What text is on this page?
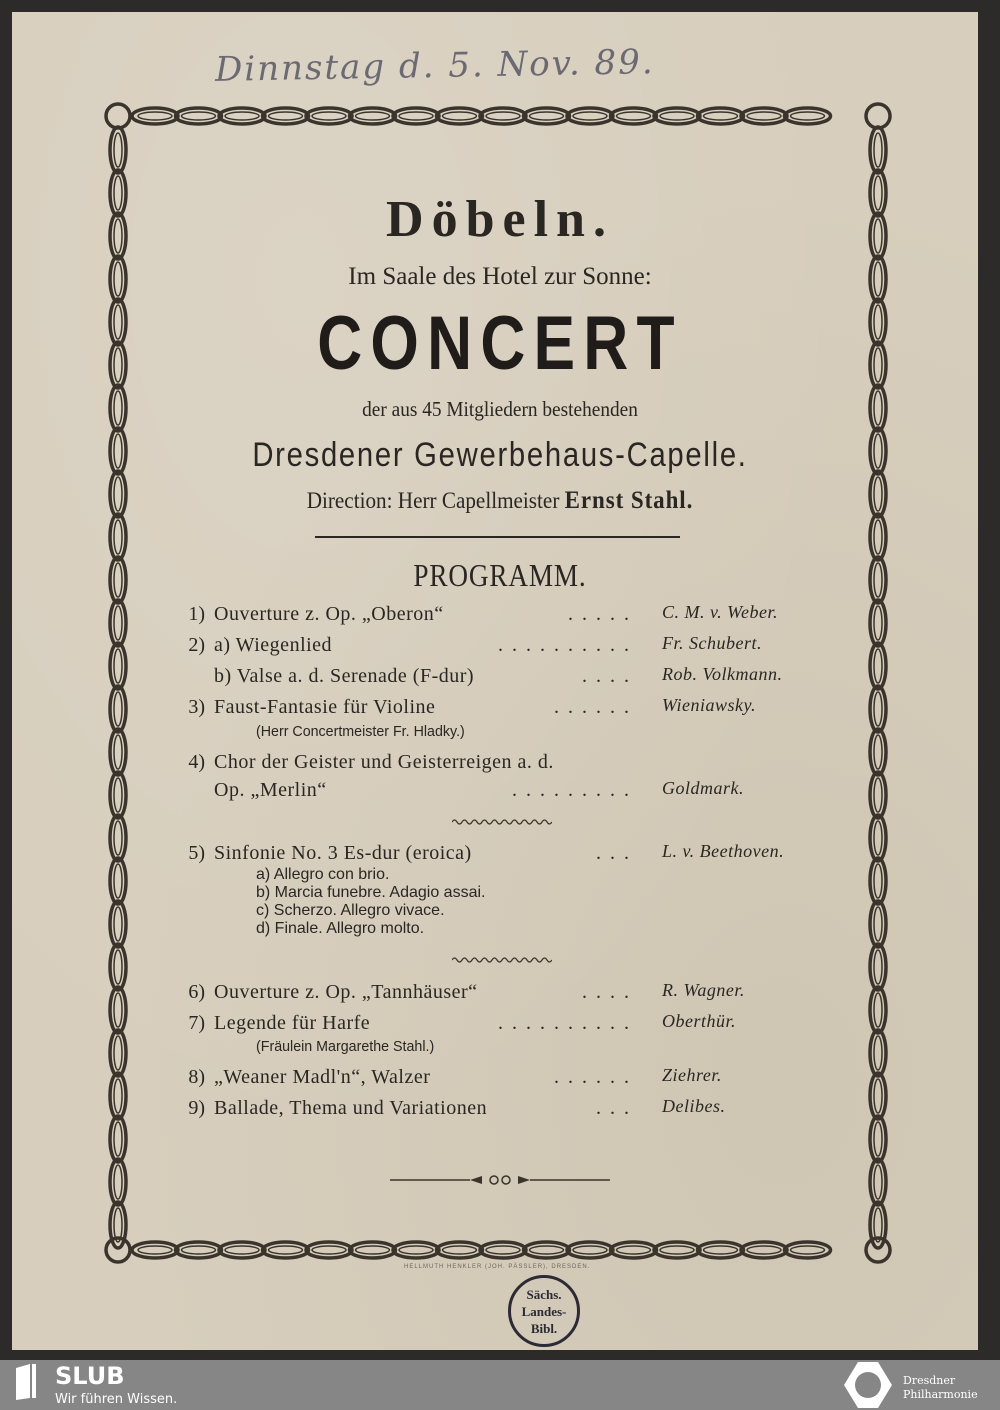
Dinnstag d. 5. Nov. 89.
Döbeln.
Im Saale des Hotel zur Sonne:
CONCERT
der aus 45 Mitgliedern bestehenden
Dresdener Gewerbehaus-Capelle.
Direction: Herr Capellmeister Ernst Stahl.
PROGRAMM.
1) Ouverture z. Op. „Oberon“	..... C. M. v. Weber.
2) a) Wiegenlied	.......... Fr. Schubert.
b) Valse a. d. Serenade (F-dur)	.... Rob. Volkmann.
3) Faust-Fantasie für Violine	...... Wieniawsky.
(Herr Concertmeister Fr. Hladky.)
4) Chor der Geister und Geisterreigen a. d.
Op. „Merlin“	......... Goldmark.
5) Sinfonie No. 3 Es-dur (eroica)	... L. v. Beethoven.
a) Allegro con brio.
b) Marcia funebre. Adagio assai.
c) Scherzo. Allegro vivace.
d) Finale. Allegro molto.
6) Ouverture z. Op. „Tannhäuser“	.... R. Wagner.
7) Legende für Harfe	.......... Oberthür.
(Fräulein Margarethe Stahl.)
8) „Weaner Madl'n“, Walzer	...... Ziehrer.
9) Ballade, Thema und Variationen	... Delibes.
HELLMUTH HENKLER (JOH. PÄSSLER), DRESDEN.
Sächs.
Landes-
Bibl.
SLUB
Wir führen Wissen.
Dresdner
Philharmonie
